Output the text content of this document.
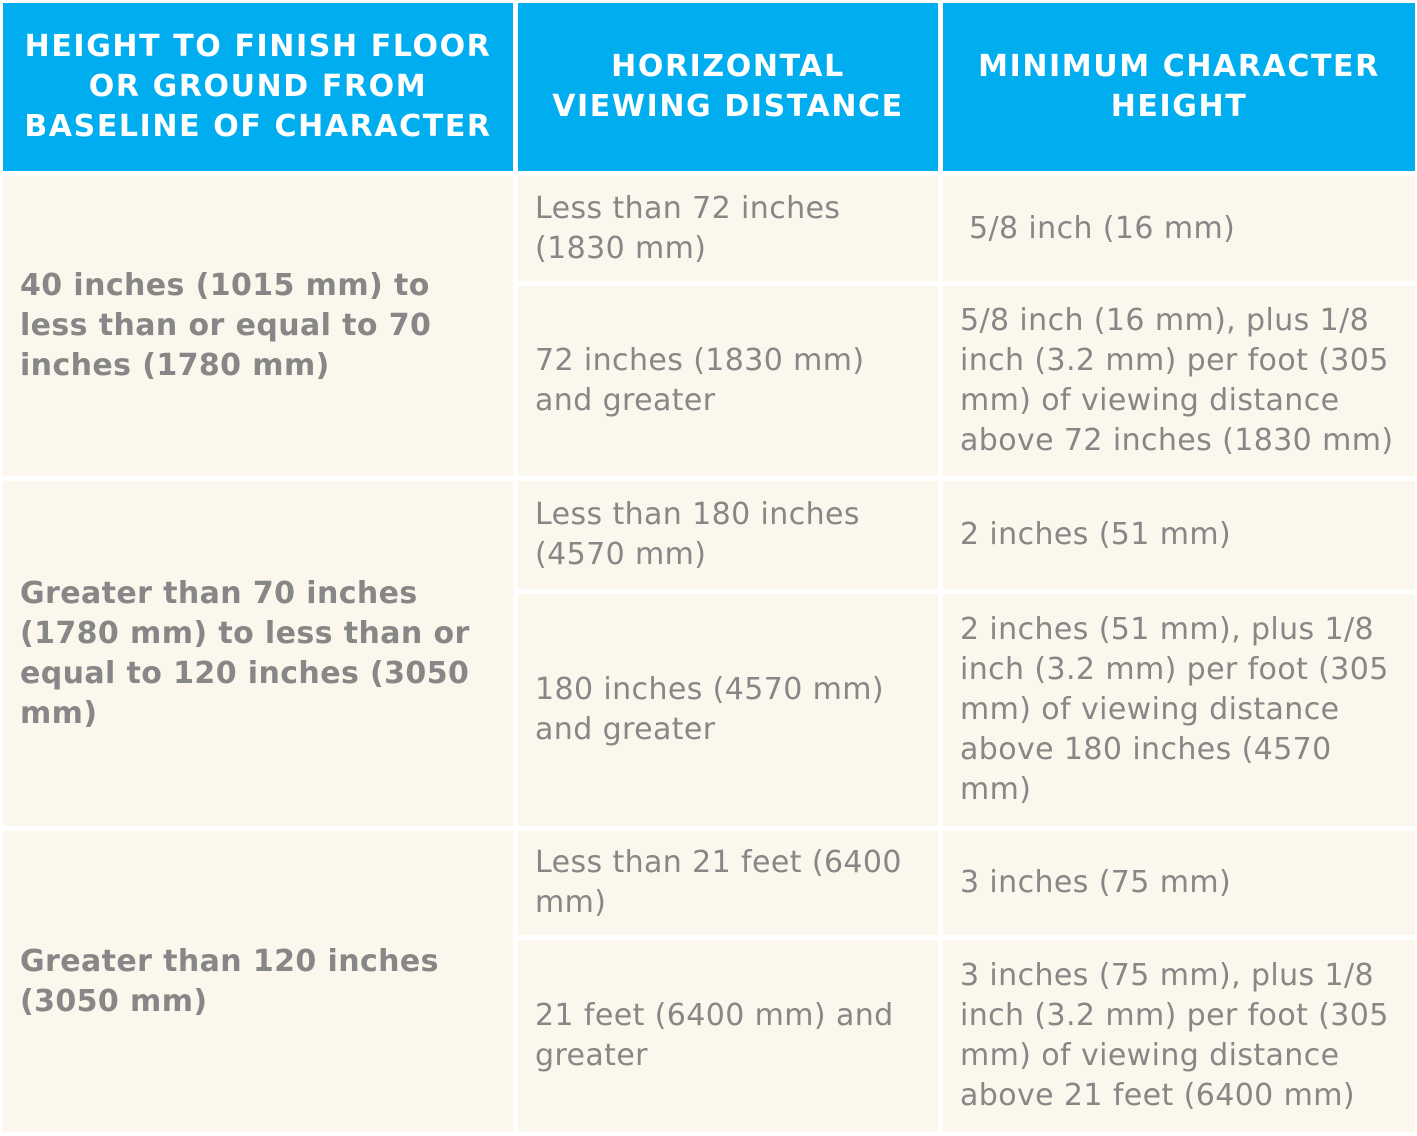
HEIGHT TO FINISH FLOOR OR GROUND FROM BASELINE OF CHARACTER
HORIZONTAL VIEWING DISTANCE
MINIMUM CHARACTER HEIGHT
40 inches (1015 mm) to less than or equal to 70 inches (1780 mm)
Less than 72 inches (1830 mm)
5/8 inch (16 mm)
72 inches (1830 mm) and greater
5/8 inch (16 mm), plus 1/8 inch (3.2 mm) per foot (305 mm) of viewing distance above 72 inches (1830 mm)
Greater than 70 inches (1780 mm) to less than or equal to 120 inches (3050 mm)
Less than 180 inches (4570 mm)
2 inches (51 mm)
180 inches (4570 mm) and greater
2 inches (51 mm), plus 1/8 inch (3.2 mm) per foot (305 mm) of viewing distance above 180 inches (4570 mm)
Greater than 120 inches (3050 mm)
Less than 21 feet (6400 mm)
3 inches (75 mm)
21 feet (6400 mm) and greater
3 inches (75 mm), plus 1/8 inch (3.2 mm) per foot (305 mm) of viewing distance above 21 feet (6400 mm)
